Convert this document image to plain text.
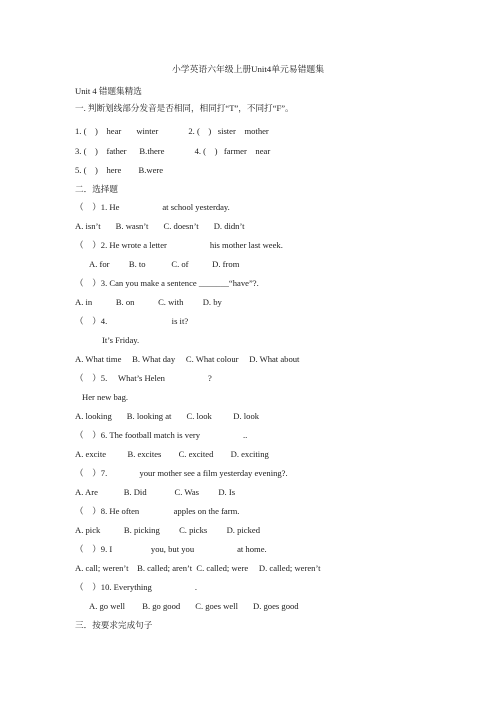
小学英语六年级上册Unit4单元易错题集
Unit 4 错题集精选
一. 判断划线部分发音是否相同，相同打“T”，不同打“F”。
1. (    )    hear       winter              2. (    )   sister    mother
3. (    )    father      B.there              4. (    )   farmer    near
5. (    )    here        B.were
二．选择题
（    ）1. He                    at school yesterday.
A. isn’t       B. wasn’t       C. doesn’t       D. didn’t
（    ）2. He wrote a letter                    his mother last week.
A. for         B. to            C. of           D. from
（    ）3. Can you make a sentence _______“have”?.
A. in           B. on           C. with         D. by
（    ）4.                              is it?
It’s Friday.
A. What time     B. What day     C. What colour     D. What about
（    ）5.     What’s Helen                    ?
Her new bag.
A. looking       B. looking at       C. look          D. look
（    ）6. The football match is very                    ..
A. excite          B. excites        C. excited        D. exciting
（    ）7.               your mother see a film yesterday evening?.
A. Are            B. Did             C. Was         D. Is
（    ）8. He often                apples on the farm.
A. pick           B. picking         C. picks         D. picked
（    ）9. I                  you, but you                    at home.
A. call; weren’t    B. called; aren’t  C. called; were     D. called; weren’t
（    ）10. Everything                    .
A. go well        B. go good       C. goes well       D. goes good
三．按要求完成句子
